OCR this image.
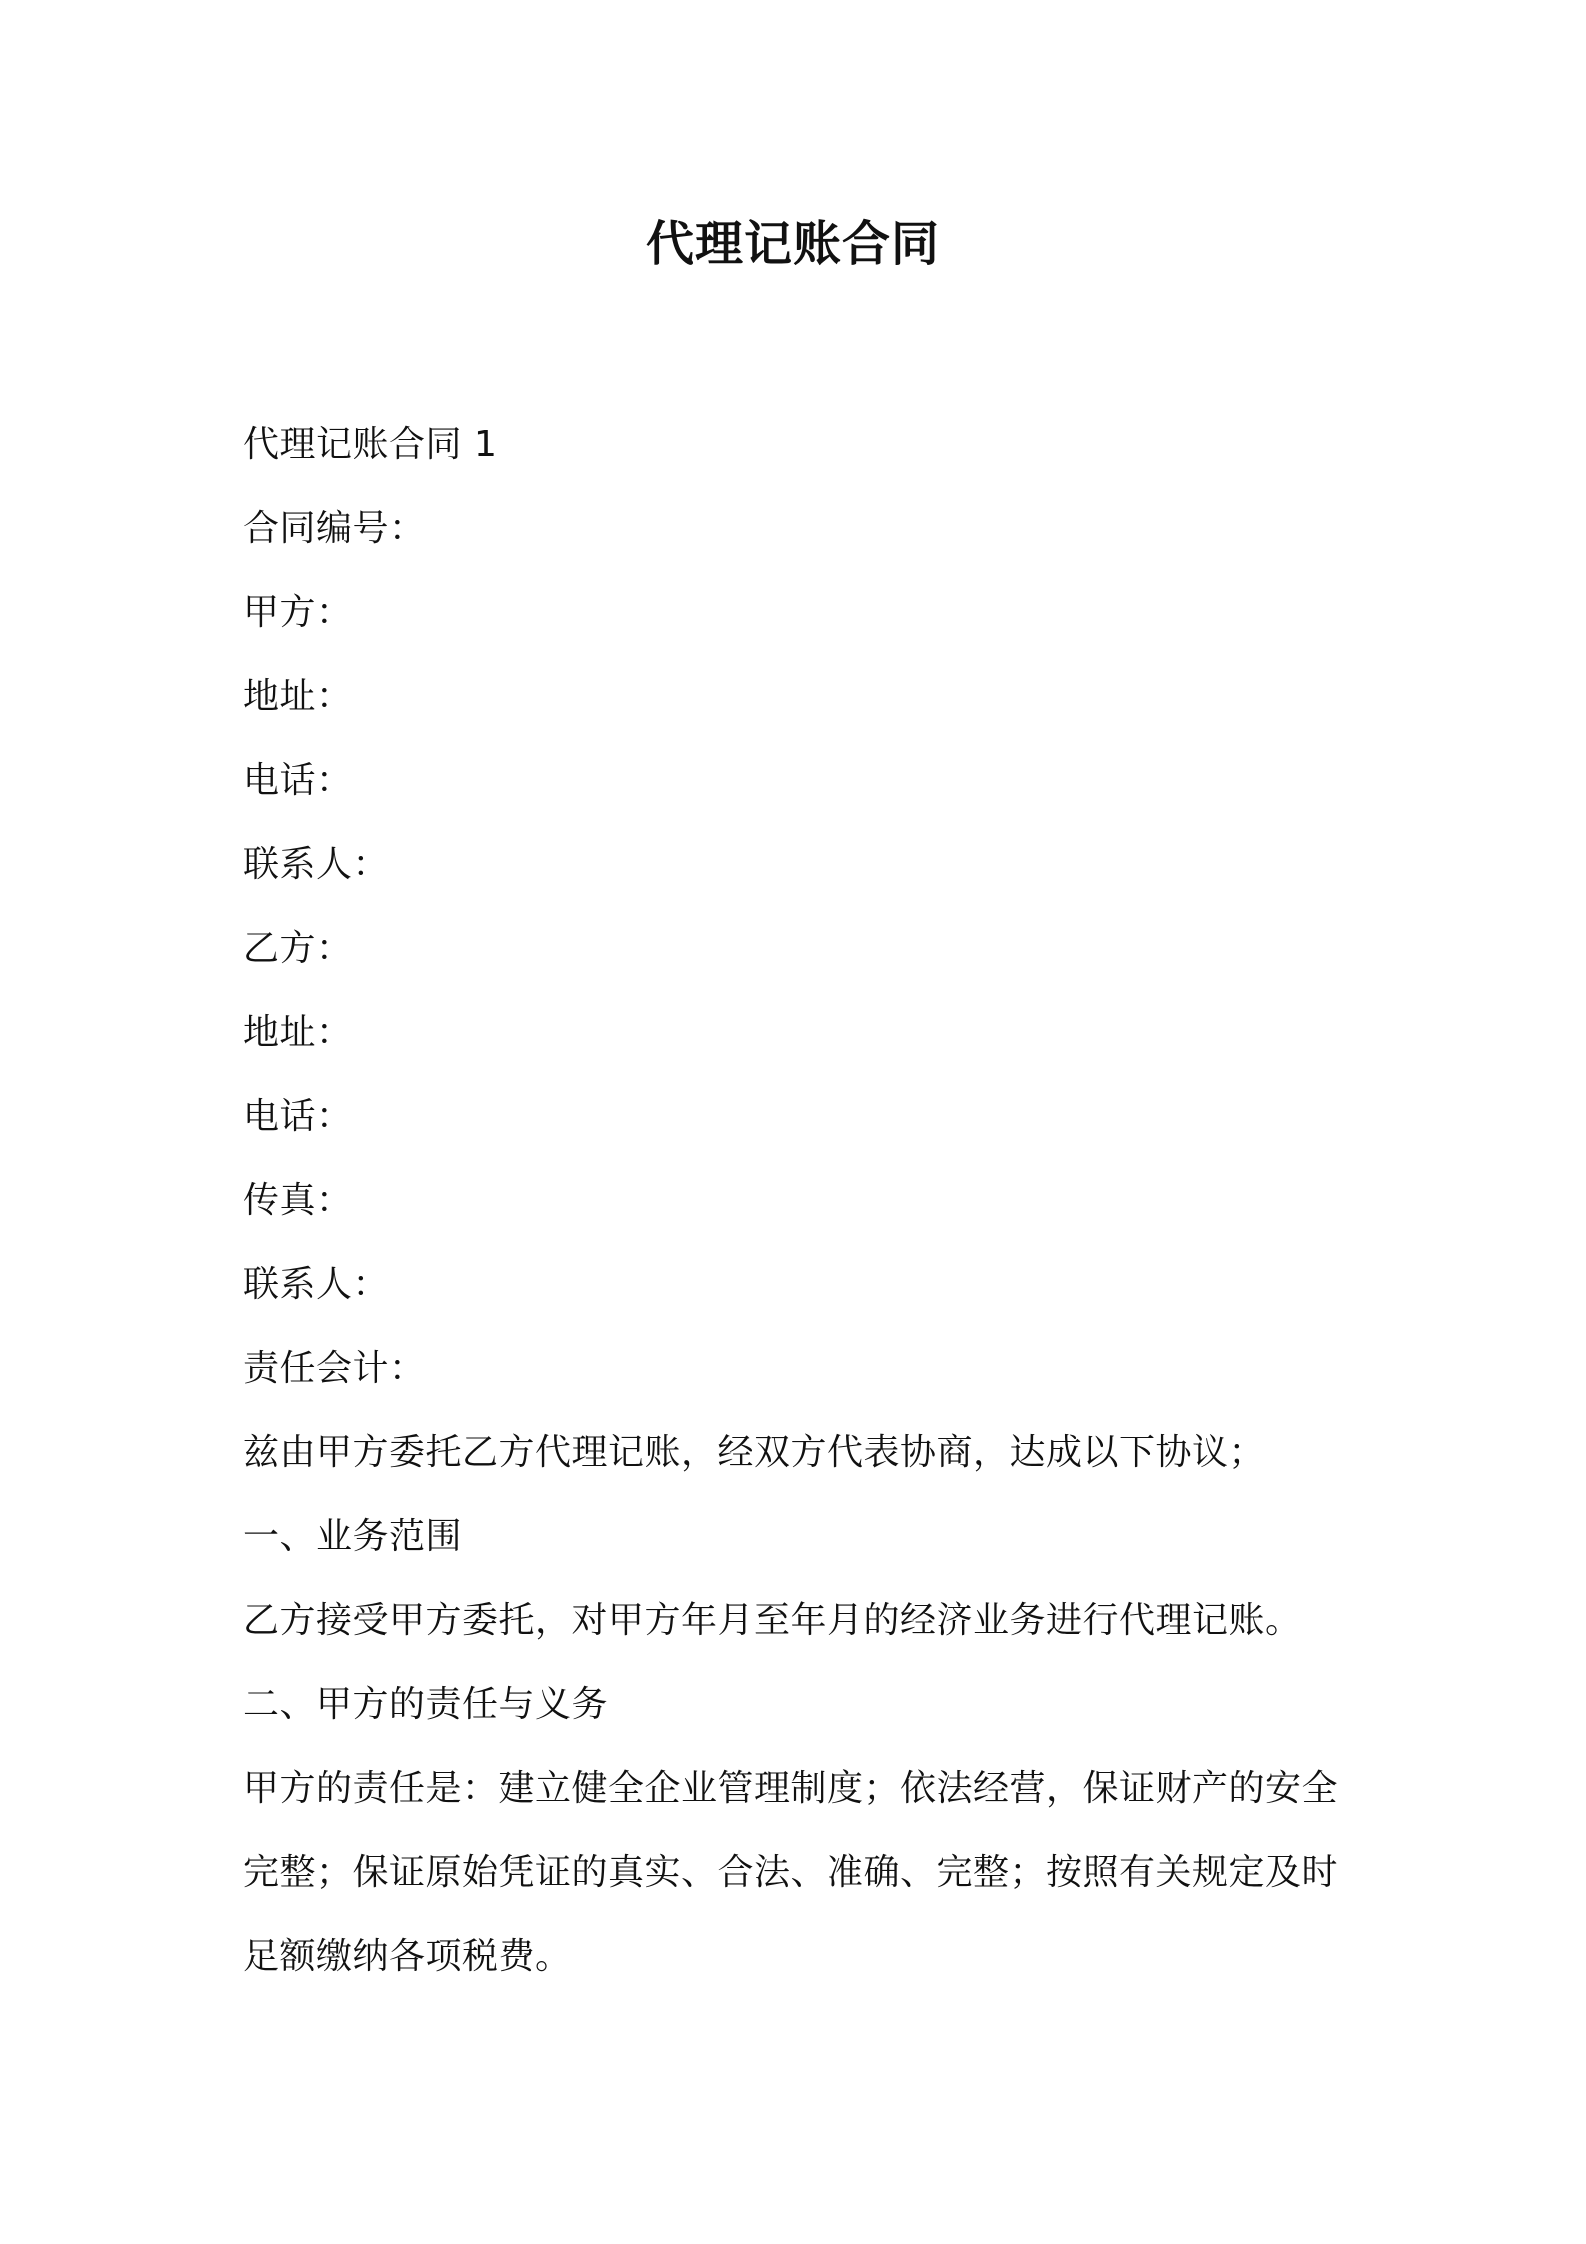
代理记账合同
代理记账合同 1
合同编号：
甲方：
地址：
电话：
联系人：
乙方：
地址：
电话：
传真：
联系人：
责任会计：
兹由甲方委托乙方代理记账，经双方代表协商，达成以下协议；
一、业务范围
乙方接受甲方委托，对甲方年月至年月的经济业务进行代理记账。
二、甲方的责任与义务
甲方的责任是：建立健全企业管理制度；依法经营，保证财产的安全完整；保证原始凭证的真实、合法、准确、完整；按照有关规定及时足额缴纳各项税费。
